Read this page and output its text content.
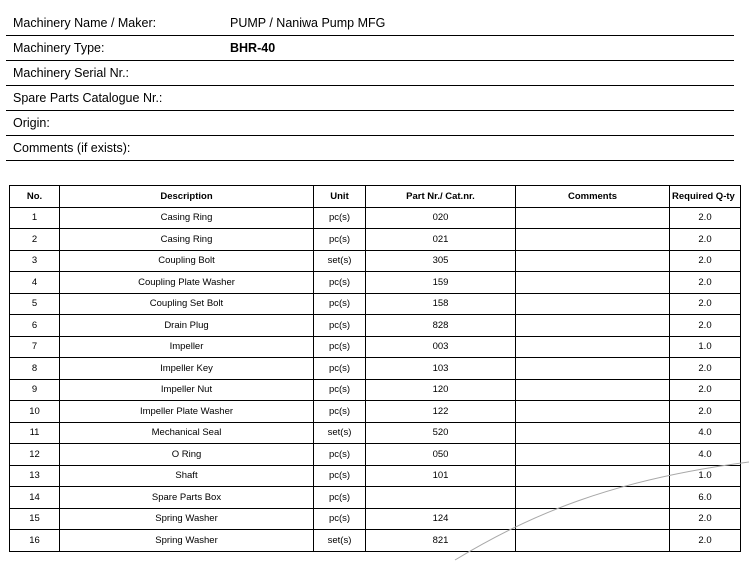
Machinery Name / Maker:	PUMP / Naniwa Pump MFG
Machinery Type:	BHR-40
Machinery Serial Nr.:
Spare Parts Catalogue Nr.:
Origin:
Comments (if exists):
No.	Description	Unit	Part Nr./ Cat.nr.	Comments	Required Q-ty
1	Casing Ring	pc(s)	020		2.0
2	Casing Ring	pc(s)	021		2.0
3	Coupling Bolt	set(s)	305		2.0
4	Coupling Plate Washer	pc(s)	159		2.0
5	Coupling Set Bolt	pc(s)	158		2.0
6	Drain Plug	pc(s)	828		2.0
7	Impeller	pc(s)	003		1.0
8	Impeller Key	pc(s)	103		2.0
9	Impeller Nut	pc(s)	120		2.0
10	Impeller Plate Washer	pc(s)	122		2.0
11	Mechanical Seal	set(s)	520		4.0
12	O Ring	pc(s)	050		4.0
13	Shaft	pc(s)	101		1.0
14	Spare Parts Box	pc(s)			6.0
15	Spring Washer	pc(s)	124		2.0
16	Spring Washer	set(s)	821		2.0
